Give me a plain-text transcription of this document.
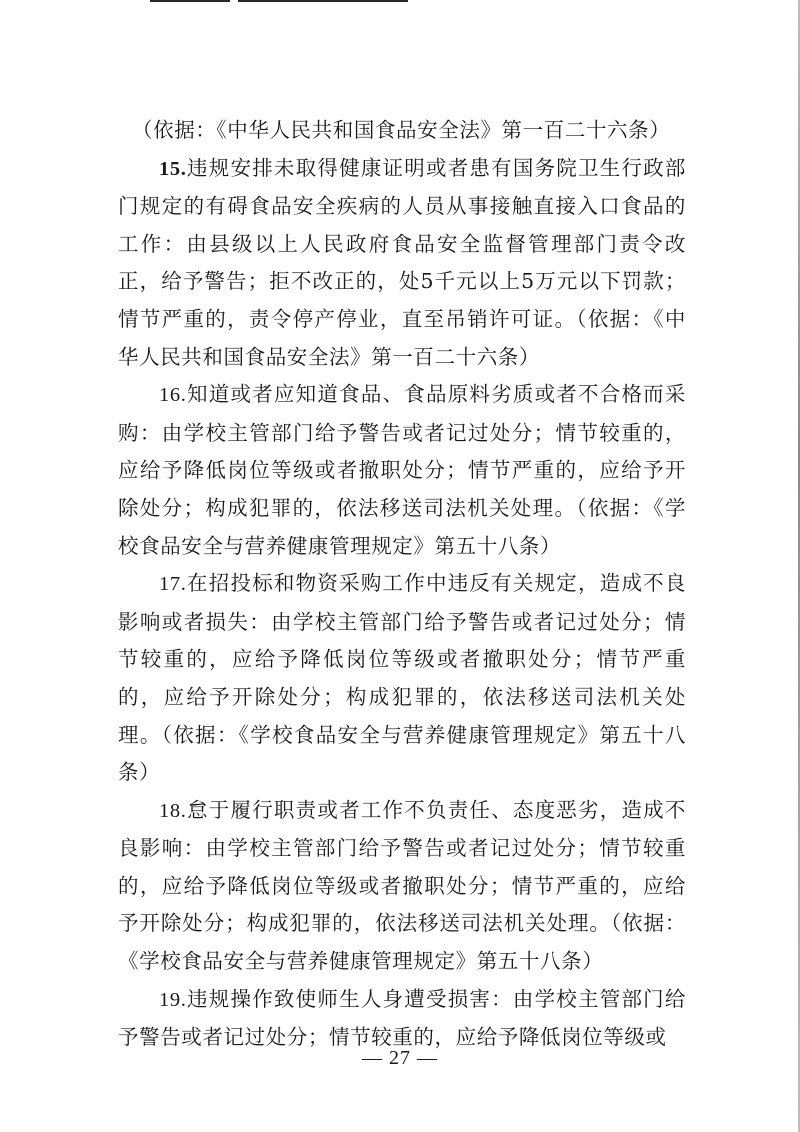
（依据：《中华人民共和国食品安全法》第一百二十六条）

15.违规安排未取得健康证明或者患有国务院卫生行政部门规定的有碍食品安全疾病的人员从事接触直接入口食品的工作：由县级以上人民政府食品安全监督管理部门责令改正，给予警告；拒不改正的，处5千元以上5万元以下罚款；情节严重的，责令停产停业，直至吊销许可证。（依据：《中华人民共和国食品安全法》第一百二十六条）

16.知道或者应知道食品、食品原料劣质或者不合格而采购：由学校主管部门给予警告或者记过处分；情节较重的，应给予降低岗位等级或者撤职处分；情节严重的，应给予开除处分；构成犯罪的，依法移送司法机关处理。（依据：《学校食品安全与营养健康管理规定》第五十八条）

17.在招投标和物资采购工作中违反有关规定，造成不良影响或者损失：由学校主管部门给予警告或者记过处分；情节较重的，应给予降低岗位等级或者撤职处分；情节严重的，应给予开除处分；构成犯罪的，依法移送司法机关处理。（依据：《学校食品安全与营养健康管理规定》第五十八条）

18.怠于履行职责或者工作不负责任、态度恶劣，造成不良影响：由学校主管部门给予警告或者记过处分；情节较重的，应给予降低岗位等级或者撤职处分；情节严重的，应给予开除处分；构成犯罪的，依法移送司法机关处理。（依据：《学校食品安全与营养健康管理规定》第五十八条）

19.违规操作致使师生人身遭受损害：由学校主管部门给予警告或者记过处分；情节较重的，应给予降低岗位等级或

— 27 —
